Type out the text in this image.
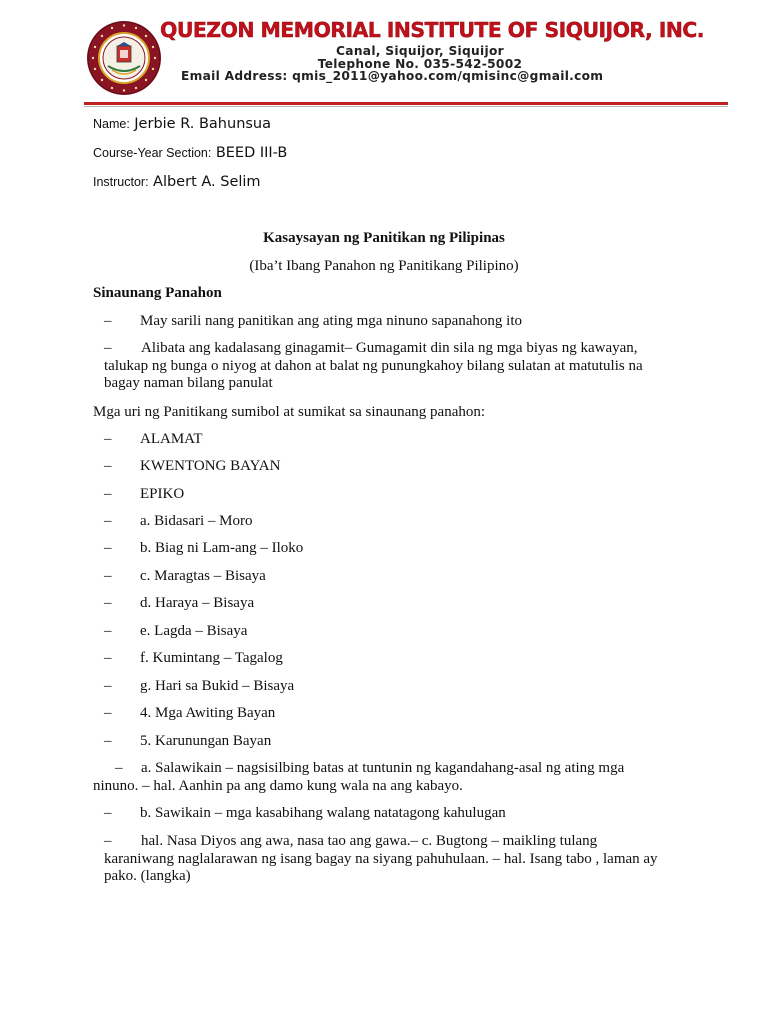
QUEZON MEMORIAL INSTITUTE OF SIQUIJOR, INC.
Canal, Siquijor, Siquijor
Telephone No. 035-542-5002
Email Address: qmis_2011@yahoo.com/qmisinc@gmail.com
Name: Jerbie R. Bahunsua
Course-Year Section: BEED III-B
Instructor: Albert A. Selim
Kasaysayan ng Panitikan ng Pilipinas
(Iba’t Ibang Panahon ng Panitikang Pilipino)
Sinaunang Panahon
– May sarili nang panitikan ang ating mga ninuno sapanahong ito
– Alibata ang kadalasang ginagamit– Gumagamit din sila ng mga biyas ng kawayan, talukap ng bunga o niyog at dahon at balat ng punungkahoy bilang sulatan at matutulis na bagay naman bilang panulat
Mga uri ng Panitikang sumibol at sumikat sa sinaunang panahon:
– ALAMAT
– KWENTONG BAYAN
– EPIKO
– a. Bidasari – Moro
– b. Biag ni Lam-ang – Iloko
– c. Maragtas – Bisaya
– d. Haraya – Bisaya
– e. Lagda – Bisaya
– f. Kumintang – Tagalog
– g. Hari sa Bukid – Bisaya
– 4. Mga Awiting Bayan
– 5. Karunungan Bayan
– a. Salawikain – nagsisilbing batas at tuntunin ng kagandahang-asal ng ating mga ninuno. – hal. Aanhin pa ang damo kung wala na ang kabayo.
– b. Sawikain – mga kasabihang walang natatagong kahulugan
– hal. Nasa Diyos ang awa, nasa tao ang gawa.– c. Bugtong – maikling tulang karaniwang naglalarawan ng isang bagay na siyang pahuhulaan. – hal. Isang tabo , laman ay pako. (langka)
